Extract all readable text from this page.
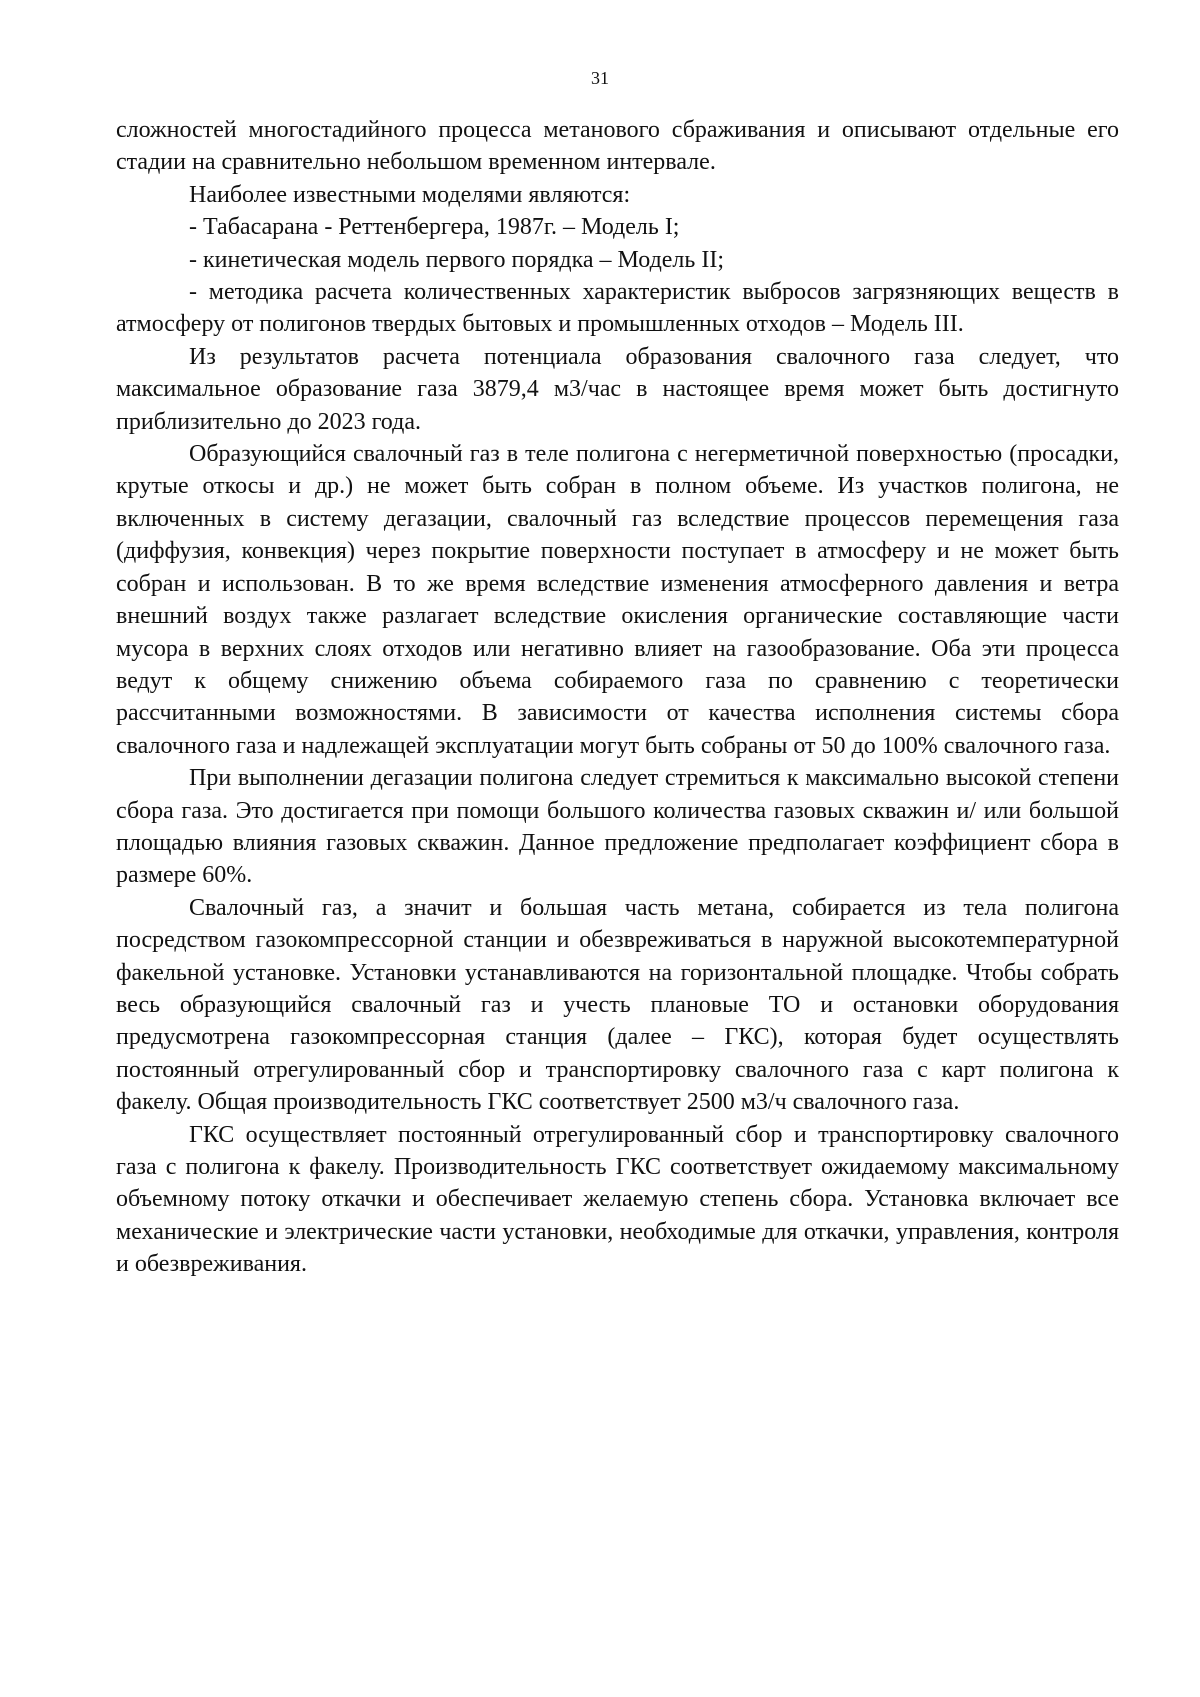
31

сложностей многостадийного процесса метанового сбраживания и описывают отдельные его стадии на сравнительно небольшом временном интервале.

Наиболее известными моделями являются:

- Табасарана - Реттенбергера, 1987г. – Модель I;

- кинетическая модель первого порядка – Модель II;

- методика расчета количественных характеристик выбросов загрязняющих веществ в атмосферу от полигонов твердых бытовых и промышленных отходов – Модель III.

Из результатов расчета потенциала образования свалочного газа следует, что максимальное образование газа 3879,4 м3/час в настоящее время может быть достигнуто приблизительно до 2023 года.

Образующийся свалочный газ в теле полигона с негерметичной поверхностью (просадки, крутые откосы и др.) не может быть собран в полном объеме. Из участков полигона, не включенных в систему дегазации, свалочный газ вследствие процессов перемещения газа (диффузия, конвекция) через покрытие поверхности поступает в атмосферу и не может быть собран и использован. В то же время вследствие изменения атмосферного давления и ветра внешний воздух также разлагает вследствие окисления органические составляющие части мусора в верхних слоях отходов или негативно влияет на газообразование. Оба эти процесса ведут к общему снижению объема собираемого газа по сравнению с теоретически рассчитанными возможностями. В зависимости от качества исполнения системы сбора свалочного газа и надлежащей эксплуатации могут быть собраны от 50 до 100% свалочного газа.

При выполнении дегазации полигона следует стремиться к максимально высокой степени сбора газа. Это достигается при помощи большого количества газовых скважин и/ или большой площадью влияния газовых скважин. Данное предложение предполагает коэффициент сбора в размере 60%.

Свалочный газ, а значит и большая часть метана, собирается из тела полигона посредством газокомпрессорной станции и обезвреживаться в наружной высокотемпературной факельной установке. Установки устанавливаются на горизонтальной площадке. Чтобы собрать весь образующийся свалочный газ и учесть плановые ТО и остановки оборудования предусмотрена газокомпрессорная станция (далее – ГКС), которая будет осуществлять постоянный отрегулированный сбор и транспортировку свалочного газа с карт полигона к факелу. Общая производительность ГКС соответствует 2500 м3/ч свалочного газа.

ГКС осуществляет постоянный отрегулированный сбор и транспортировку свалочного газа с полигона к факелу. Производительность ГКС соответствует ожидаемому максимальному объемному потоку откачки и обеспечивает желаемую степень сбора. Установка включает все механические и электрические части установки, необходимые для откачки, управления, контроля и обезвреживания.
